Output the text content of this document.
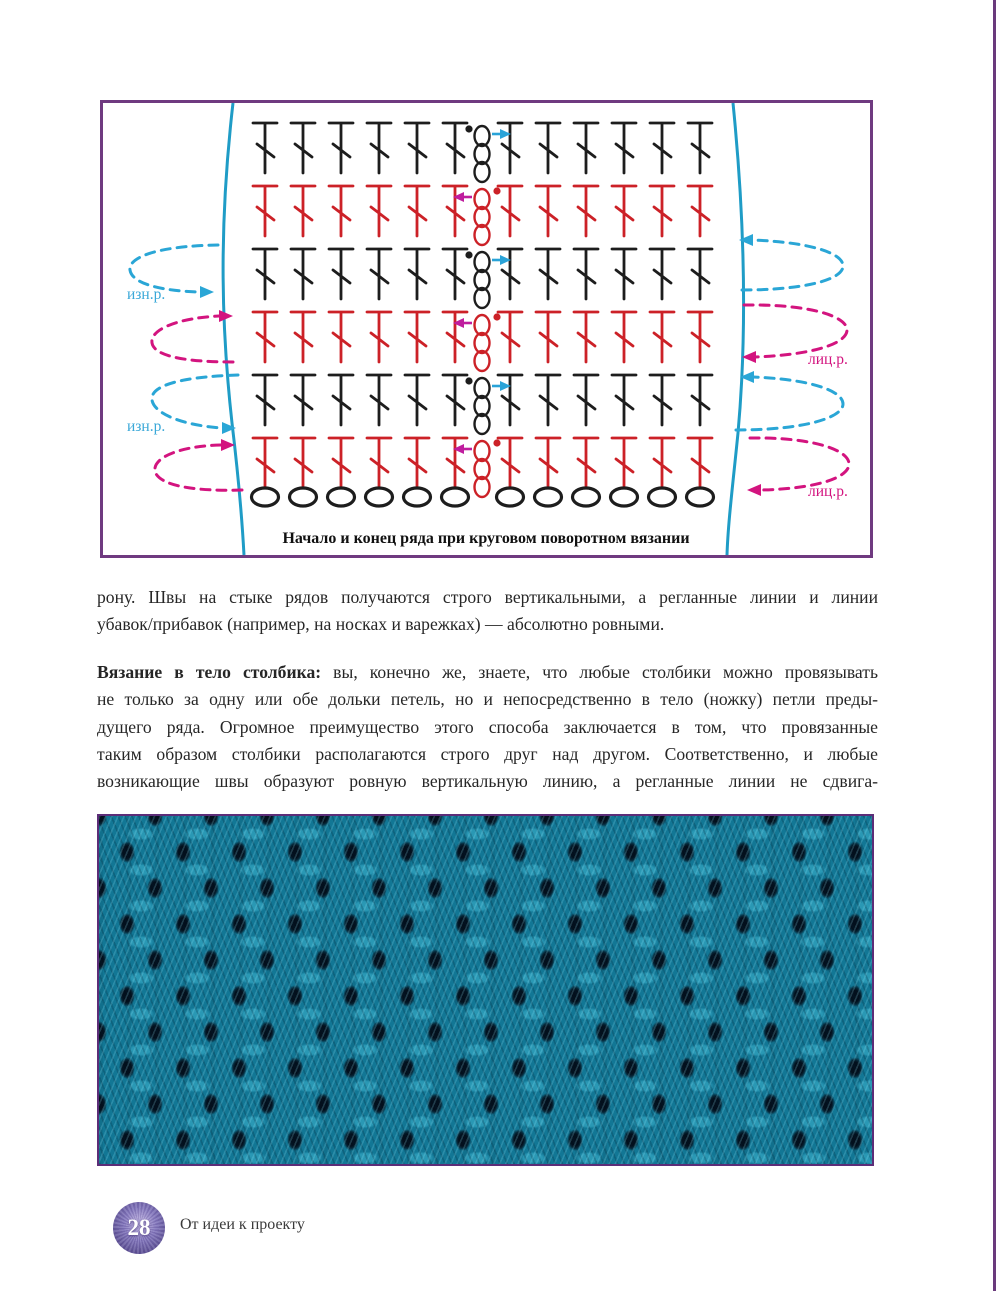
изн.р.
изн.р.
лиц.р.
лиц.р.
Начало и конец ряда при круговом поворотном вязании
рону. Швы на стыке рядов получаются строго вертикальными, а регланные линии и линии
убавок/прибавок (например, на носках и варежках) — абсолютно ровными.
Вязание в тело столбика: вы, конечно же, знаете, что любые столбики можно провязывать
не только за одну или обе дольки петель, но и непосредственно в тело (ножку) петли преды-
дущего ряда. Огромное преимущество этого способа заключается в том, что провязанные
таким образом столбики располагаются строго друг над другом. Соответственно, и любые
возникающие швы образуют ровную вертикальную линию, а регланные линии не сдвига-
28 От идеи к проекту
